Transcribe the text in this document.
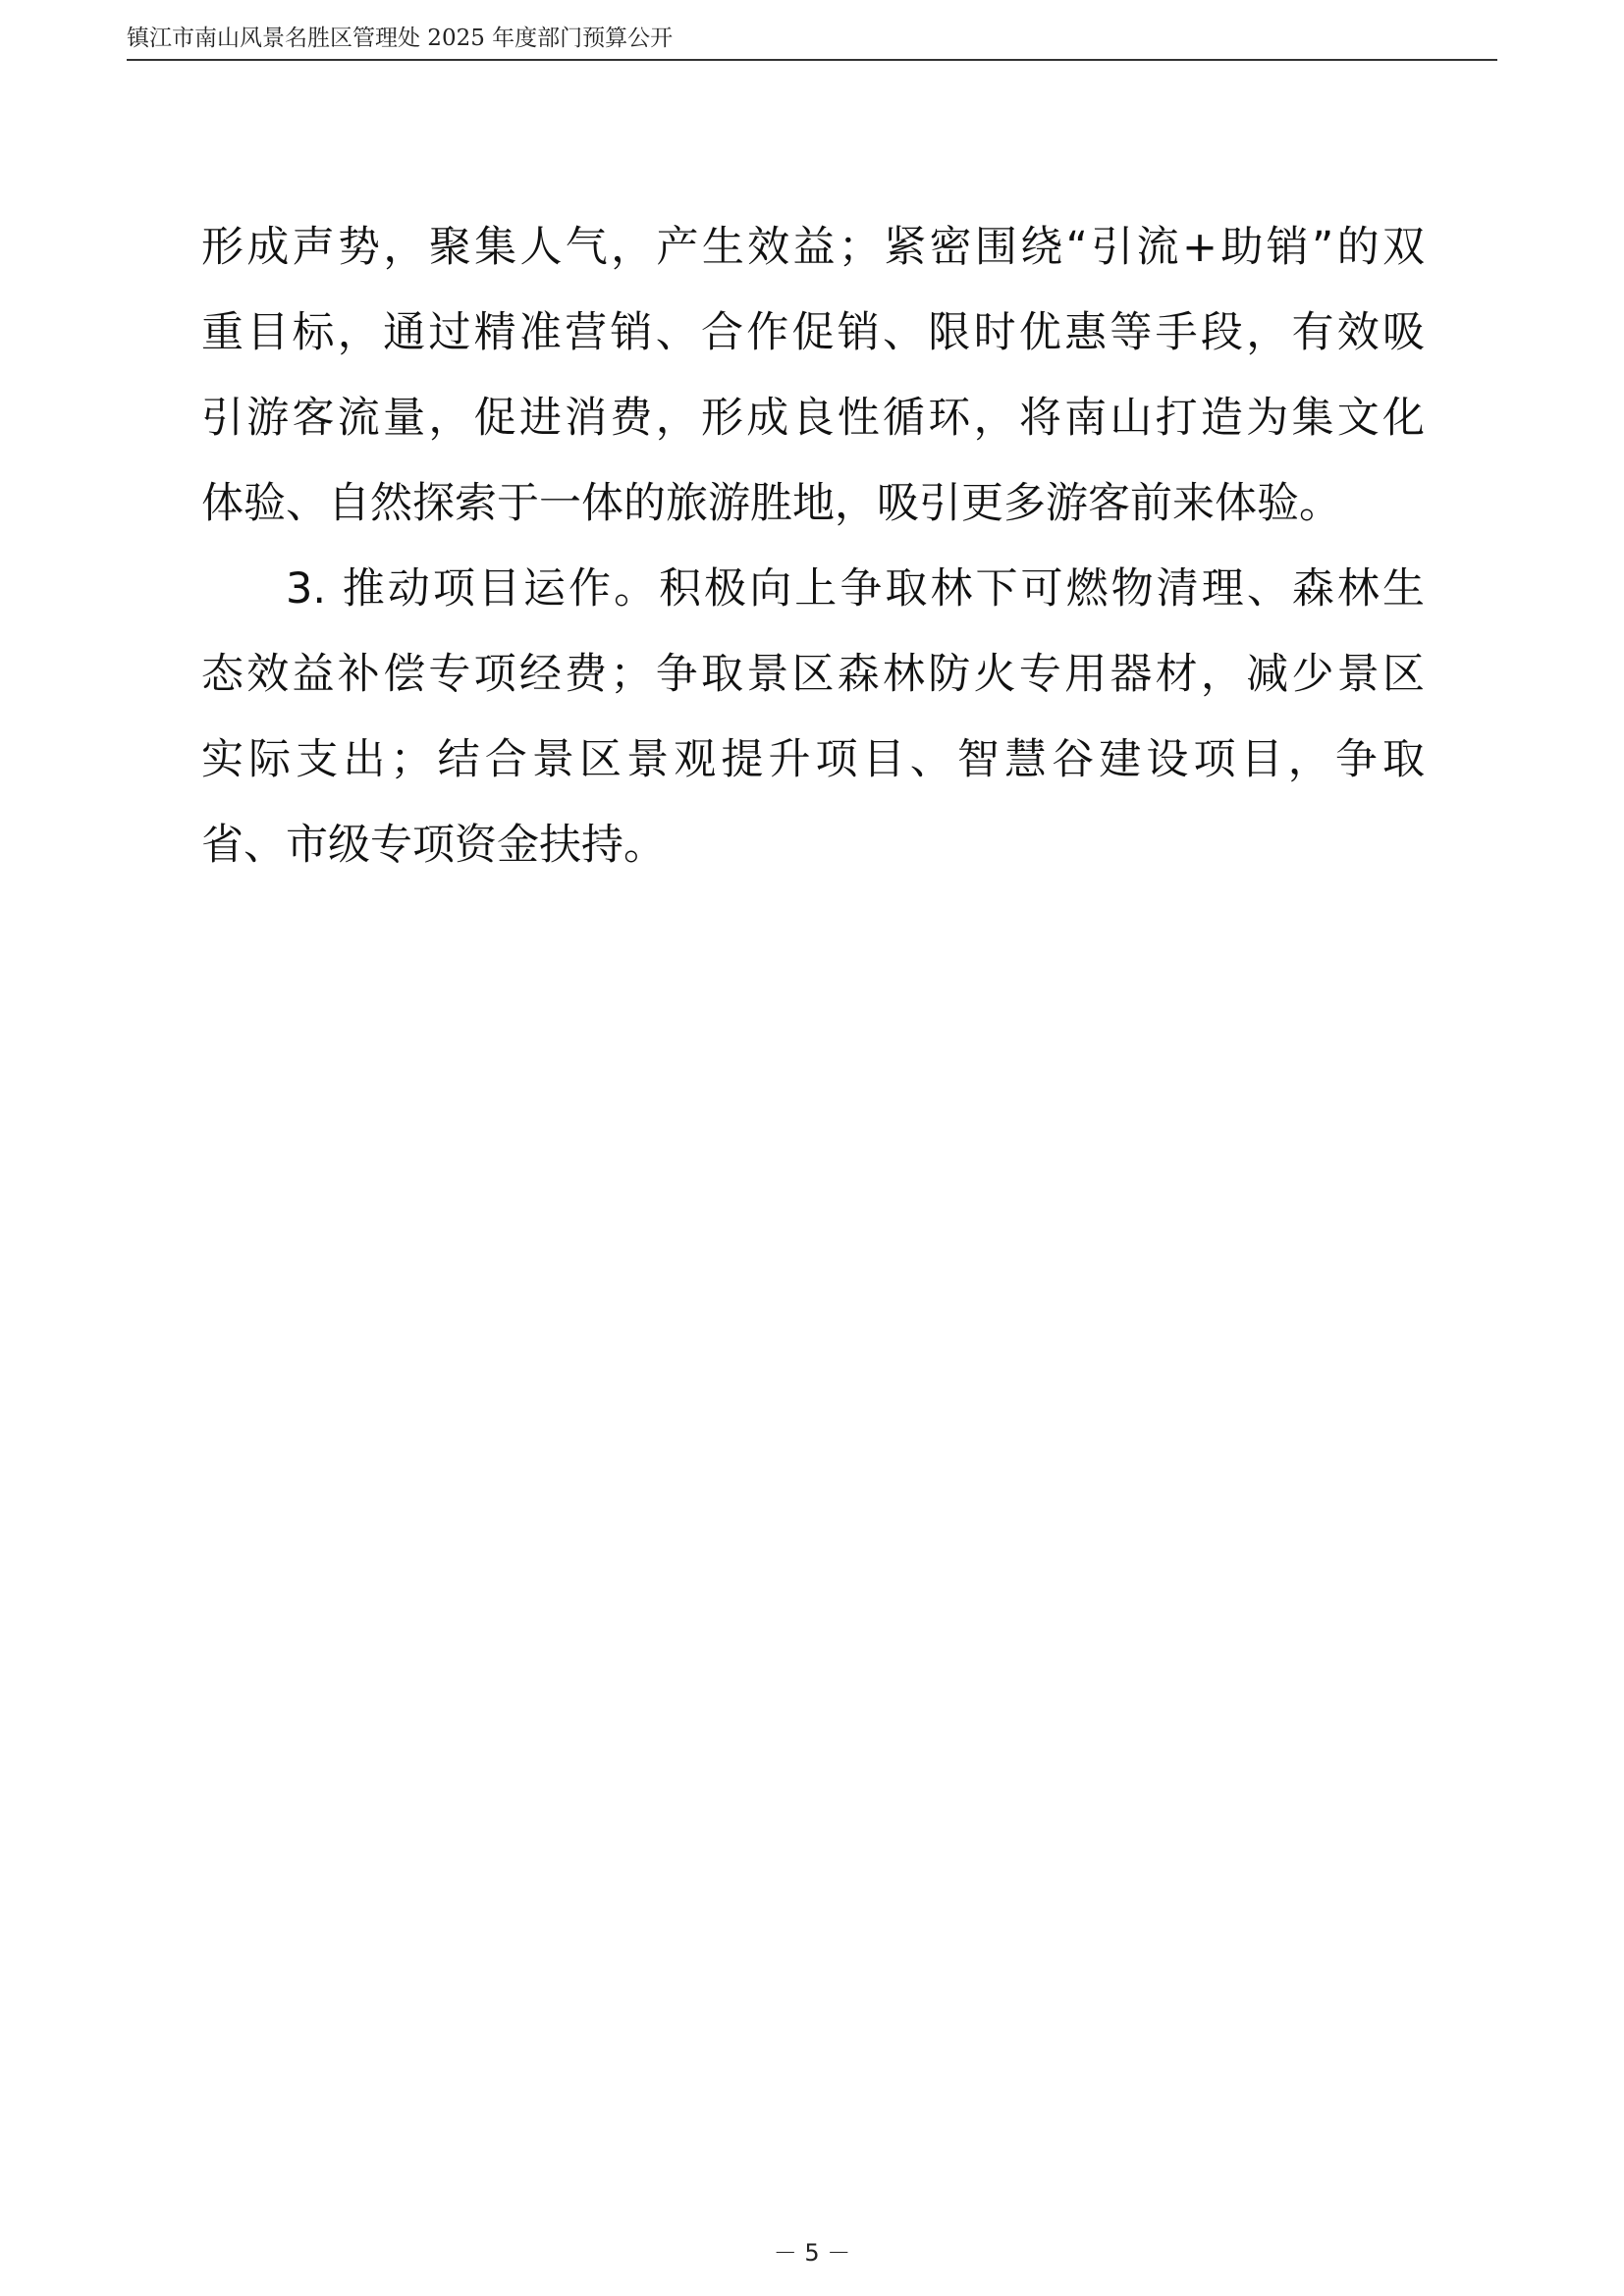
镇江市南山风景名胜区管理处 2025 年度部门预算公开
形成声势，聚集人气，产生效益；紧密围绕“引流+助销”的双
重目标，通过精准营销、合作促销、限时优惠等手段，有效吸
引游客流量，促进消费，形成良性循环，将南山打造为集文化
体验、自然探索于一体的旅游胜地，吸引更多游客前来体验。
3. 推动项目运作。积极向上争取林下可燃物清理、森林生
态效益补偿专项经费；争取景区森林防火专用器材，减少景区
实际支出；结合景区景观提升项目、智慧谷建设项目，争取
省、市级专项资金扶持。
－ 5 －
